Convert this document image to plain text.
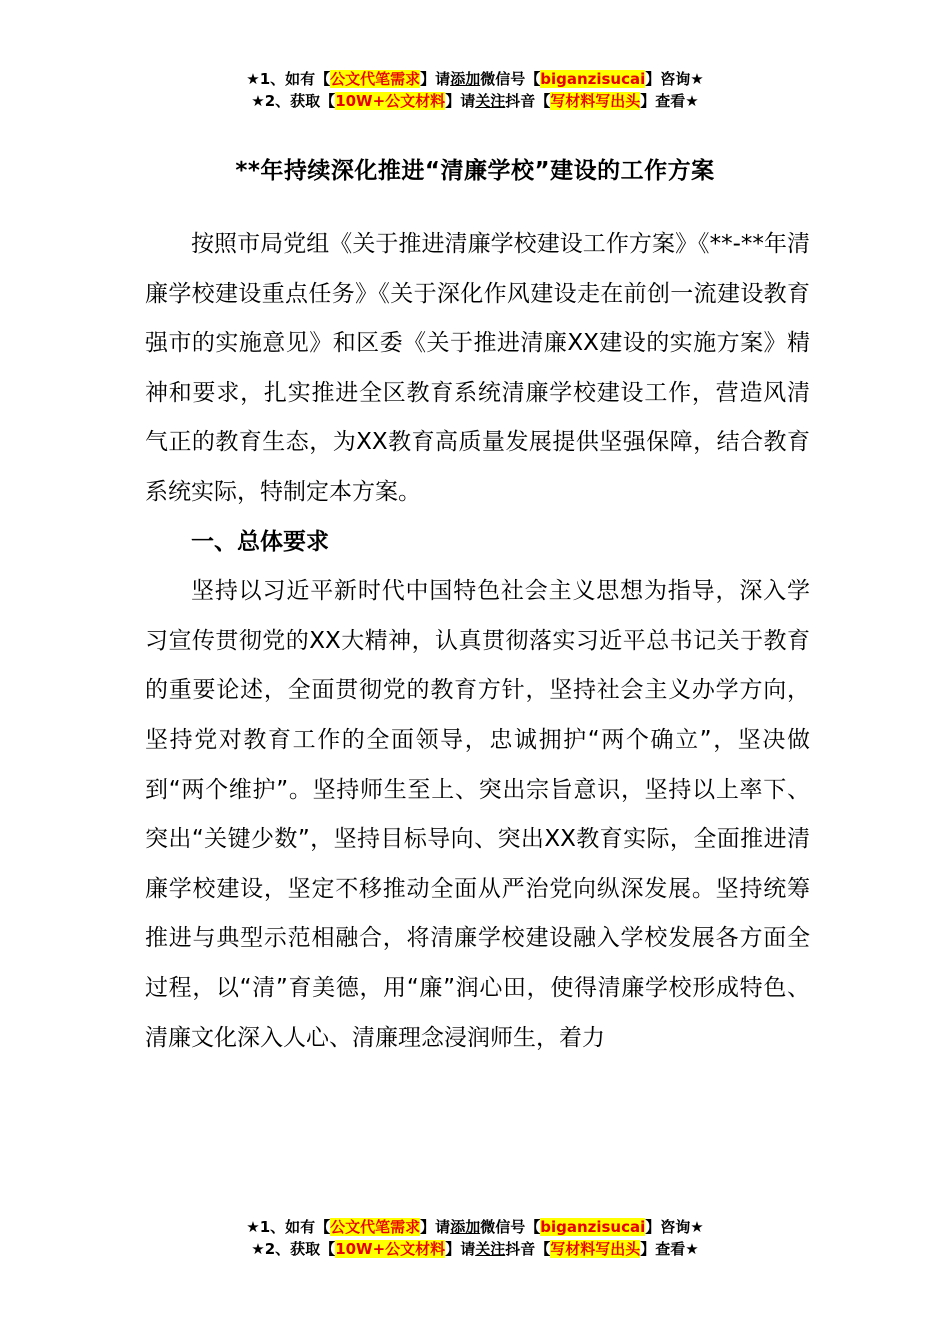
★1、如有【公文代笔需求】请添加微信号【biganzisucai】咨询★
★2、获取【10W+公文材料】请关注抖音【写材料写出头】查看★
**年持续深化推进“清廉学校”建设的工作方案

按照市局党组《关于推进清廉学校建设工作方案》《**-**年清廉学校建设重点任务》《关于深化作风建设走在前创一流建设教育强市的实施意见》和区委《关于推进清廉XX建设的实施方案》精神和要求，扎实推进全区教育系统清廉学校建设工作，营造风清气正的教育生态，为XX教育高质量发展提供坚强保障，结合教育系统实际，特制定本方案。

一、总体要求

坚持以习近平新时代中国特色社会主义思想为指导，深入学习宣传贯彻党的XX大精神，认真贯彻落实习近平总书记关于教育的重要论述，全面贯彻党的教育方针，坚持社会主义办学方向，坚持党对教育工作的全面领导，忠诚拥护“两个确立”，坚决做到“两个维护”。坚持师生至上、突出宗旨意识，坚持以上率下、突出“关键少数”，坚持目标导向、突出XX教育实际，全面推进清廉学校建设，坚定不移推动全面从严治党向纵深发展。坚持统筹推进与典型示范相融合，将清廉学校建设融入学校发展各方面全过程，以“清”育美德，用“廉”润心田，使得清廉学校形成特色、清廉文化深入人心、清廉理念浸润师生，着力

★1、如有【公文代笔需求】请添加微信号【biganzisucai】咨询★
★2、获取【10W+公文材料】请关注抖音【写材料写出头】查看★
